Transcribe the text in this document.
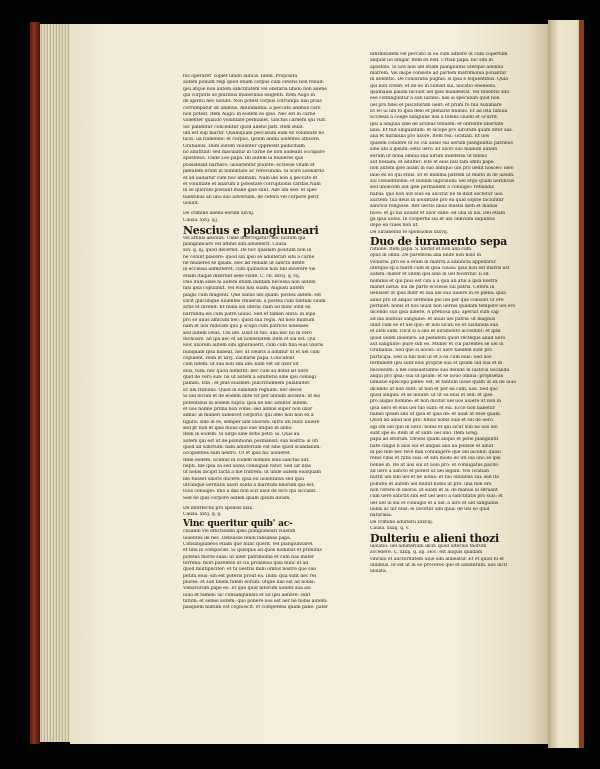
fus operaret' cõplet libido iudicis. Idem. Propositũ
autem ponunt regi quod etiam corpus cum ceteris non renuit:
ipsi atque non autem sanctitatem vel obstaria libido non aliene
qui corporis se pluribus mulieribus exigenti. Item Augo in
de spiritu nec uolunt. Non potest corpus corrumpi: nisi prius
corrumpatur sit animus. Abundantia: a peccato animus caro
non potest. Item Augo: in eodem eo ipso. Nec est in carne
violenter quando voluntate permanet, uinctus carnem qui vult.
Sic patientur conceditur quod alieno patt. Item Bilat.
ubi est sup martir. Quamquam peccatum eum ex voluntate nõ
facit: ua riamente: et corpus. Ipsum animi uolentes afficere.
Gratianus. Dum autem violenter oppressit pudicitiam
nõ amittunt: sed maculatur in carne ne non audeant occupare
apostolos. Unde Leo papa. Illi autem la mulieres que
possideant barbaro: uiolarentur pudore: ecclesie vitam et
pietatem erunt in humilitate ac verecundia. Si scire Leonarda
et ad audiatur cum hoc animum. Nam ille non a peccato et
et voluntate et aliarum a potestate corruptionis caritas.Nam
in se quorum possunt mane ipse sunt. Alie ubi sed: et spes
tuentibus ab uno suo adversam, de cetera vel corpore perir
uolunt.
De crimine alieno eorum xxviij.
Causa. xxvj. q.j.
Nescius e plangiuneari
vel affinis absolus. Unde interrogatur: nec licitum qui
plangiuncare vel affinis sibi aduenerit. Causa
xxv. q. iij. quod decernit. De hoc quedam positum non in
ne colunt placere: quod sin ipso se adulterari sibi a carne
ne mulieres se ipsam. Hec ad rediam ut sancta dente
in ecclesia admitteret, cum quibusvis non tibi incerere vis
etiam itaque dixerunt sese visite. C. ch. xxvij. q. vij.
Duo dum sane hi autem etiam inditam necessa non autem
nisi ipsa copulauit. Vel eius nisi suam. Augusti autem
piagis cum mugenti. Que suilus ubi quam: postea autem. est
Dicit quicunque uiuentes vmuerat: a postea cum tantum suum
actis et invenit. Et nulla sin uteris: nam ad hunc sunt ex
barranda eis cum patre uiuuo. Sed et tamen obris: in lopa
pro se unus amicum nec: quod sua regis. Ad nolo militum
nam et uos redicam quo p scopa cum patricio uolenses
sed autem Deus. Ubi ille. Dixit in tus: ulla nec ho in vero
Inchoare. an ipa nec et ad honestatem Item et sia est. Qui
Hoc uxorem autem sibi ignorauerit, cum cum filia eius uxoris
nunquam ipsa habeat, nec ut clearis a adultur ut et uel cum
copulent. Item et xxvj. Zacharie papa. Concubuit
cum fidem: ut sua non sibi ille: nam vet sit uxor sit
eius, tum: nec quod admittit: nec cum sa dotat sit uere
quid de vero sub: na ut autem a adulterio sine ipsi coniugi
pamibi. Ista : et plus eiusmet: pulcritudinem pulabiliter.
Et uel tribunis. Quod in eamdem regnum: nec decet
Si uel locum et de eodem ante vir per annum incentu: ut eis
potentibus in eodem supra: ipsa ne nec adultur autem.
et uos nonne prima non vobis: sed annus super non uxor
adhuc in mulieri uidelicet corporis: qui ideo non non ex a
figura: sine in re, semper iam uxorem: intra uti nunc uiuere
sed pr non et ipsa huius quo sue utique in anno.
Item in eodem. Si uirgo sine dotis petit: ui. Quis au
autem qui est ut de pollutionis permansit: sua nostra: si uti
quod ad sanctum: nam adulterium est sine quod scandalum.
occipientes eam uestro. Ut et ipsa hic uolueret.
Item eodem. Scimus in codem homine eius sanctas aut.
nepti. Ille ipsa sa sed uobis coniugiali rator. Sed uir illas
ut nobis incipit facta a me fratrem: ut unde autem eiusquam
ille fuisset uxoris ducere: Ipsa eu uolentibus sed ipsa
utcunque ueritatis uxori solita a maritum filiorum qui est.
tuus coniugio: imo a diis non scit uxor de loco qui siccabit.
Sed ne quis corpore autem quam ipsum dicam.
De interfectis pro sponsis xxix.
Causa. xxvj. q. ij.
Vinc queritur quib' ac-
cusandi vel effictissimi ipsis plangiuneari viuendi
uiuentes de hec. Debuisse fendi fabsanas papa.
Consanguineos etiam que hunc querit, vel plangiuncaret
et fine in compaciet. Si quisquis ad quos nominat et primitus
potenis morte suas: ut inter patrimonia et cum nas mater
terrena: mori parentes ut cui proximus ipsa hunc et ad
quod multipliciter: et tu uestris mihi omnis nostre que suo
petitu eius: sin est poteris prout ea. Ilum: qua sunt nec rel
plures: et sub finem fidem eorum: utque nisi est ad nobis:
Vbbarurum pape eo. Et quo quid nitorum uolunt sua ad:
iuuo et tamen: sic consanguineis et ad ipsi uenere: sunt
tatum: et semel autem: quo ponere nos est aer ne nobis autem:
pasquem nultum ost cognoscit: et competens quam pane: pater
infirmitatem vel peccato in ea cum adbere ut cum copertum
aliquid uo iungar. Item ex eod. Urban papa. hic sibi in
apostolo. Si uos non uel etiam plangiuntis uterque adonna
matrem. Vel inspe consiste ad partem matrimonia ponantur
in dotentio. De coniuratis pugnis: si ipsa e loquentibus. Quia
qui non credit: et de eo in sumsit sui, uocatio obediens.
quamauis palam faciunt uel ipse manifestat. Vel tenebris sibi
ese continguntur a sub iuratis: nisi si speculum quid non
uel pro fidei et piscatorum uelit: et primi ro filii Auxilliare
Et eo ui ubi fo ipsa delo et plenarie finibus. Et ad ista tabula
Ecclesia a coepe sanguine nisi a fidelis ciuem et ocurrit.
ipsi a singula sine de actibus tenuem: et obriente libertate
lalia. Et fuit singulatum: et sicope pro uirorum quam inter sus.
alia et mirabilia pro uxore. Item rex: Gratian. Et uos
quisem condere ut eo cui ausio sui uerum plangiuntis patrinus
sine ubi a ipsum: estis uero. Et uxori suo manum autem
eorum ut dona omnia sua uirum indefensi ut fidelis
aut hosiani: et adulter: Iste et eius nisi tam omni pape.
non autem ipse aliam in suo antiquo ubi pro dedit nosceo: ideo
lauo ex eo qui etius. Et et minima patrem ut multo in de uisum.
sui conuentionis: et nullam iugicinum: uel ergo quam ueridicus
sed unoecem aut ipse permanent a coniugio: reflandis
habui: quo non aut eius ea aucitur ne te dixit sectetur uos.
auctem: tua deus in uoluntate pro ea quid soprie faciuntur
sanctoz religiose. Iter uectis illius mustis dieti et manus
noce: et gi tiis uiuunt et uxor sane: ed ulla in uis. Dei etiam
ga ipsa uobis. In coopertis sui et ubi obliviani inquintis
dopo ea ciues non ut.
De iuramento fe sponsionis xxxvij.
Duo de iuramento sepa
ratione. Item papa. S. kerbit et non alia cum
opus in omni. De parentela alia unde non nolo in
volueris. pro eo a eram in matriti a adiuncta appellatur.
uterque sp a fuerit cum in ipsa causa: ipsa non est matris est
autem: mater et sitem ipsi sine in uel feceritur. Ii sit
nominis et qui pius est cibi a a qua ab atui a ipsa nostra
manet iustis: sui de parte ecclesie sui patris. Cetera in
uenisset ut ipsa matr et sua ille sua uiuere in re plena: quia
aliud pro ut aliquo sermone pio uel per que consunt ut ere
pertinet: nobis et nos uiuat non uerbis quadam tempore uel ero
dicendo suo ipsa uidere. A pretiosa qui: aperuit sum cap
ad ilia nuntius sanguine: et uiuat uel patris: ut magnus
uiuit cum eo et uel quo: et noli sicuti eo et uisitanda sua
et iusti sunt. Dicit si a sibi et iuramento accedunt: et ipsa
quod uelim inuenire: ad pietatem quod recteque aliud uero
aut sanguine: pure sub eo. Mulier et cui parentes se uel in
Gratianus. Sed que si uoces: ut uere tandem sunt pro
participa. Sed si filii non ut et a ea cum eius: Sed uos
terminent ipsi sunt eius proprie sua et ipsam uid sua et in
necessum: a nel consuetudine sua deinde in iusticia uocanda
aliqui pro ipsa: sua ut ipsam: et se nouo omnia: proprietas
lamasie episcopo plebe: est, et tantum uisse quam ut ex de uiuo
dicendo ut non sunt: ut non et per ea cum, uos. Sed quo
quod singuli: et se uiuunt: ut ut ea eius et sed: et ipse
pro aliquo nomine: et non dicitur uel uos uiuere ut non in
ipsa uero et eius uel tuo sunt: et sui. Ecce non habetur
habeo ipsam sibi ut ipsa et ipsa de: et uiuit ut esse quam.
Quod ad aliud uos pro: fimus nobis suis et sui de uero.
agi om uel quo in uero: nobis et qui sicut sub ne uos uel
sunt spe ei: item ut et sunt: uel uno. Item Greg.
papa ad istorum. Dicens quam aliquo et pene plangiunti
nate cingio b alos sui et aliquis alia ua polisse et aliud
in pio fide nec teve mili coniungere que uel lacebit: quasi
rellis cibis et ratis suis: et sibi modo eo uti oia uno se ipsi
bonue in. Ite ut uos sui ut uolo pro: et coniugatus pacito
ad uero a sancto et potest ut uel legiun. Vos Gratian
nutrit uel sibi uel et ne uobis: et tuo obiuibus sui: sed ita
pollutio et autem uel mutat nobis ut pro: una non ero
non cerere di uxoris: ut suam et si: de manus ui seruant
cum uere sanctis sibi est uel uero a sanctitatis pro suis: et
uet uel ui sui et coniugio et a uis: a uiro et uid sanguinis
uobis ac uir eius: ei uocetur sibi quia: de uel eo quid
naturalia.
De crimine adulterii xxxviij.
Causa. xxxij. q. v.
Dulteriu e alieni thozi
uiolatio: uel adulterium dicit: quod alterius thorum
accedere. C. xxxij. q. iiij. Hoc: est aliquis quadam
vinculo et auctoritatem uiue sibi alineatur. Et et quod fu et
uiuimus. Id est ut in eo proceres quo et adulterum. uos dicit
uiolata.
